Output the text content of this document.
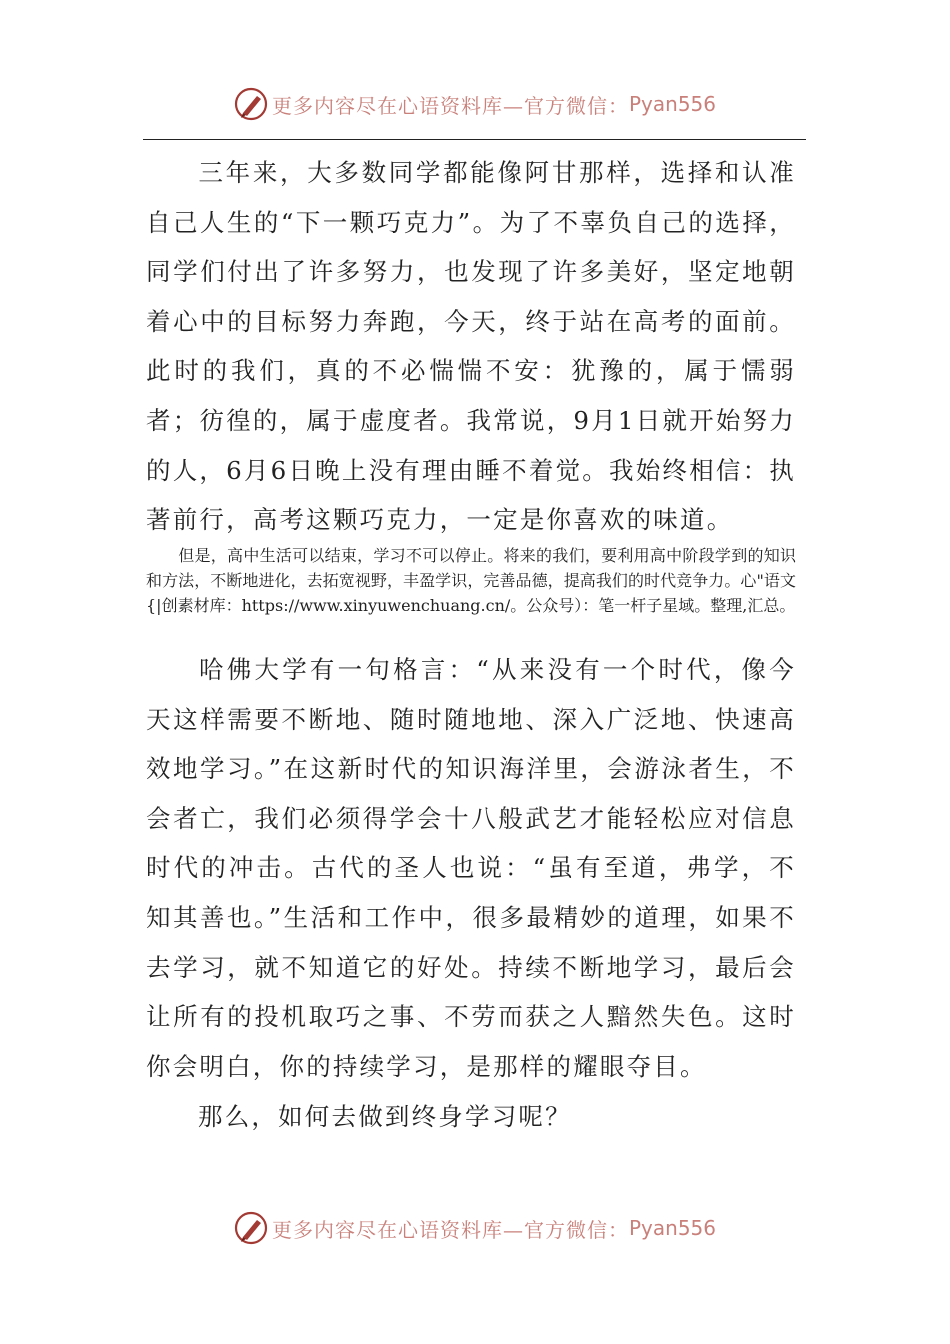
更多内容尽在心语资料库—官方微信： Pyan556

三年来，大多数同学都能像阿甘那样，选择和认准自己人生的“下一颗巧克力”。为了不辜负自己的选择，同学们付出了许多努力，也发现了许多美好，坚定地朝着心中的目标努力奔跑，今天，终于站在高考的面前。此时的我们，真的不必惴惴不安：犹豫的，属于懦弱者；彷徨的，属于虚度者。我常说，9月1日就开始努力的人，6月6日晚上没有理由睡不着觉。我始终相信：执著前行，高考这颗巧克力，一定是你喜欢的味道。

但是，高中生活可以结束，学习不可以停止。将来的我们，要利用高中阶段学到的知识和方法，不断地进化，去拓宽视野，丰盈学识，完善品德，提高我们的时代竞争力。心"语文{|创素材库：https://www.xinyuwenchuang.cn/。公众号）：笔一杆子星域。整理,汇总。

哈佛大学有一句格言：“从来没有一个时代，像今天这样需要不断地、随时随地地、深入广泛地、快速高效地学习。”在这新时代的知识海洋里，会游泳者生，不会者亡，我们必须得学会十八般武艺才能轻松应对信息时代的冲击。古代的圣人也说：“虽有至道，弗学，不知其善也。”生活和工作中，很多最精妙的道理，如果不去学习，就不知道它的好处。持续不断地学习，最后会让所有的投机取巧之事、不劳而获之人黯然失色。这时你会明白，你的持续学习，是那样的耀眼夺目。

那么，如何去做到终身学习呢？

更多内容尽在心语资料库—官方微信： Pyan556
